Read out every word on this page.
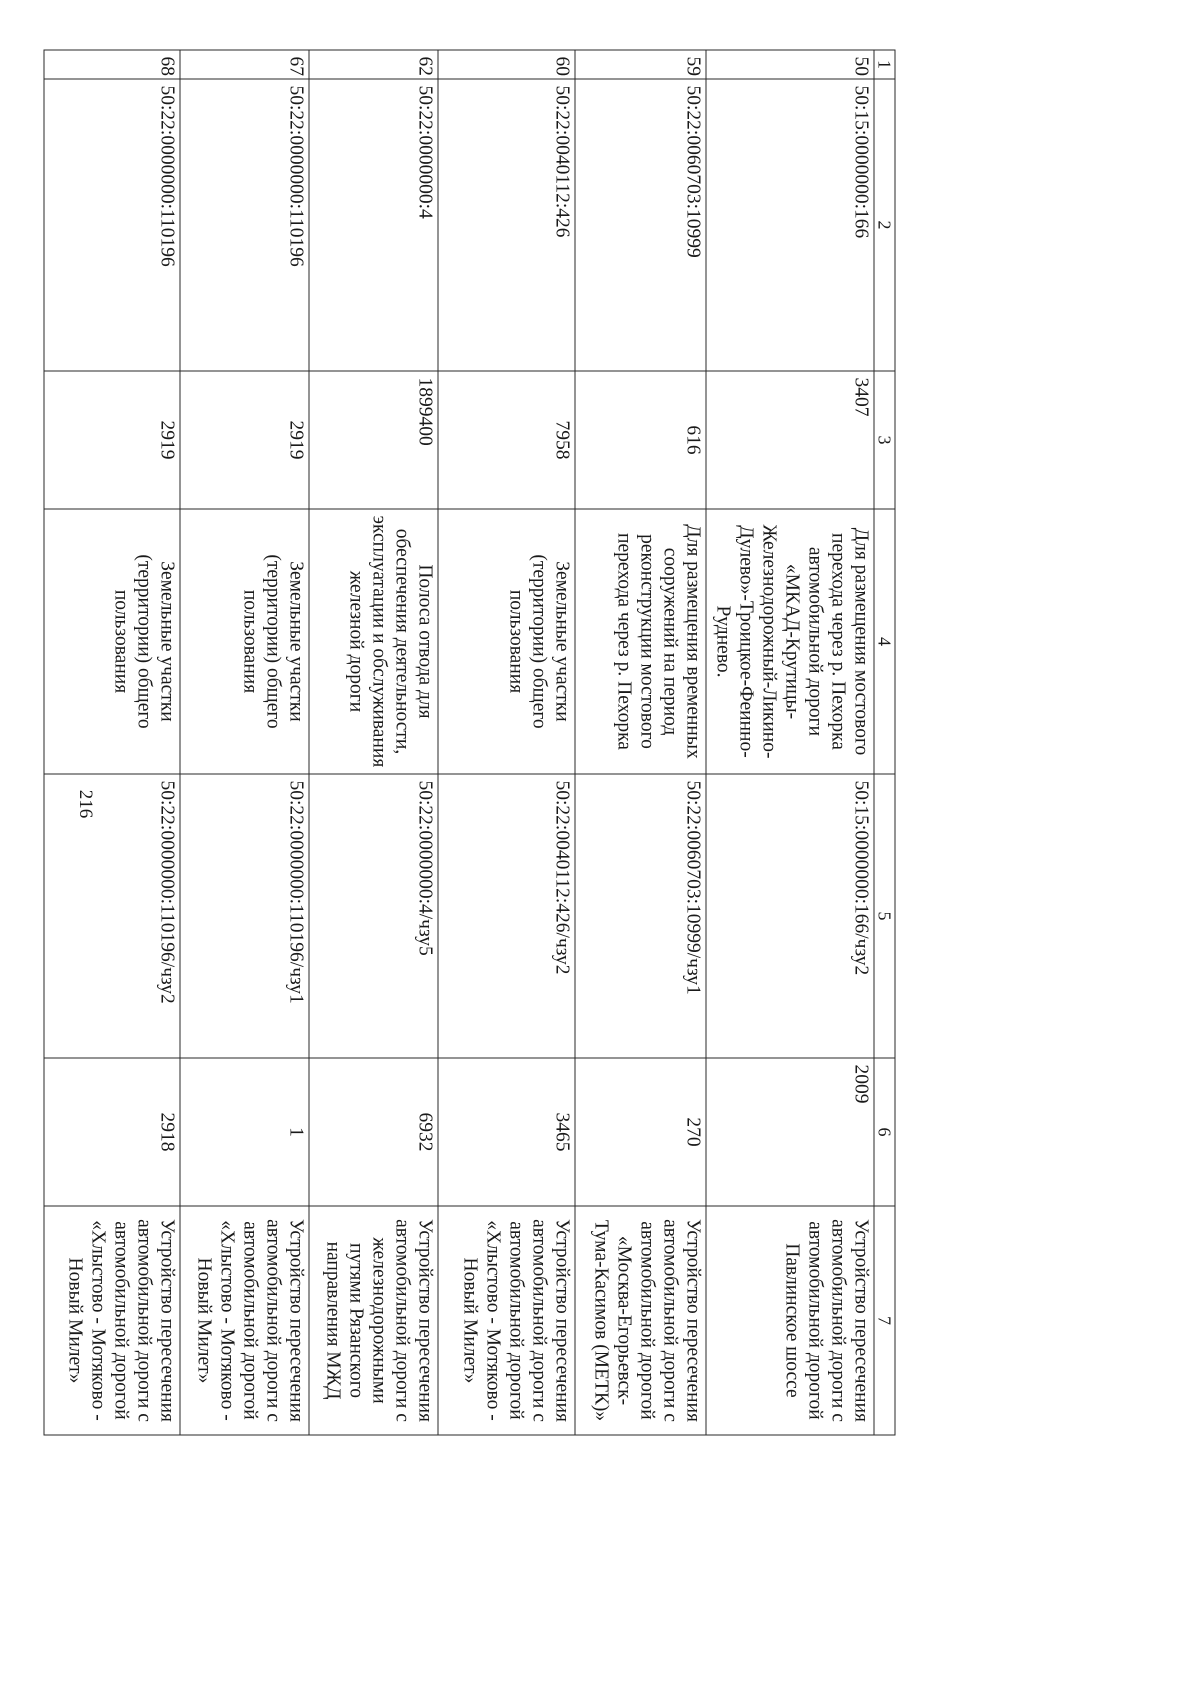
216
1	2	3	4	5	6	7
50	50:15:0000000:166	3407	Для размещения мостового перехода через р. Пехорка автомобильной дороги «МКАД-Крутицы-Железнодорожный-Ликино-Дулево»-Троицкое-Феинно-Руднево.	50:15:0000000:166/чзу2	2009	Устройство пересечения автомобильной дороги с автомобильной дорогой Павлинское шоссе
59	50:22:0060703:10999	616	Для размещения временных сооружений на период реконструкции мостового перехода через р. Пехорка	50:22:0060703:10999/чзу1	270	Устройство пересечения автомобильной дороги с автомобильной дорогой «Москва-Егорьевск-Тума-Касимов (МЕТК)»
60	50:22:0040112:426	7958	Земельные участки (территории) общего пользования	50:22:0040112:426/чзу2	3465	Устройство пересечения автомобильной дороги с автомобильной дорогой «Хлыстово - Мотяково - Новый Милет»
62	50:22:0000000:4	1899400	Полоса отвода для обеспечения деятельности, эксплуатации и обслуживания железной дороги	50:22:0000000:4/чзу5	6932	Устройство пересечения автомобильной дороги с железнодорожными путями Рязанского направления МЖД
67	50:22:0000000:110196	2919	Земельные участки (территории) общего пользования	50:22:0000000:110196/чзу1	1	Устройство пересечения автомобильной дороги с автомобильной дорогой «Хлыстово - Мотяково - Новый Милет»
68	50:22:0000000:110196	2919	Земельные участки (территории) общего пользования	50:22:0000000:110196/чзу2	2918	Устройство пересечения автомобильной дороги с автомобильной дорогой «Хлыстово - Мотяково - Новый Милет»
